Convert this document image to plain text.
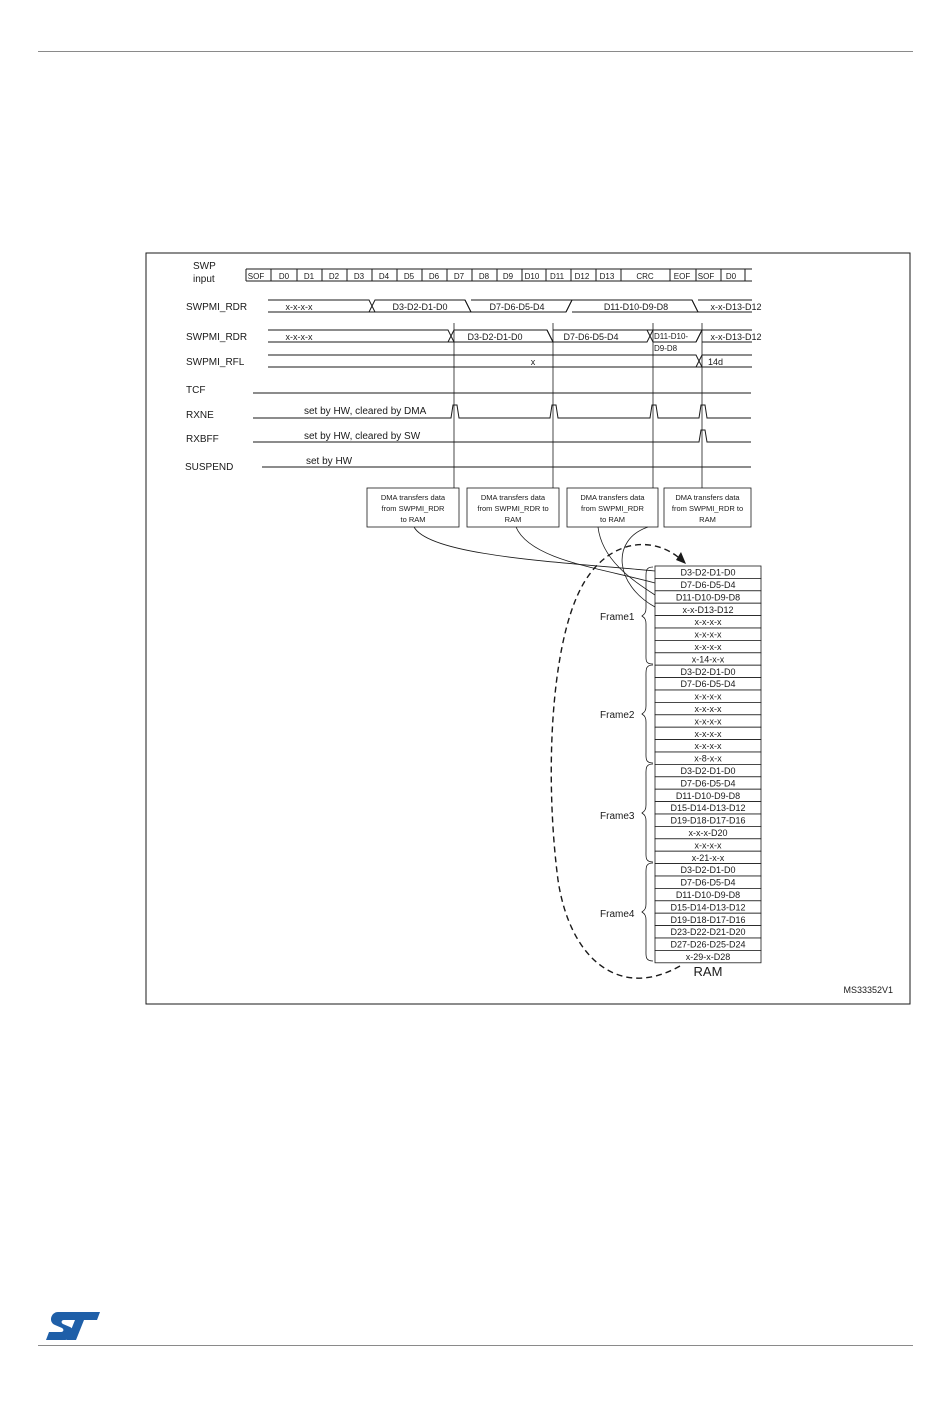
SWP
input
SWPMI_RDR
SWPMI_RDR
SWPMI_RFL
TCF
RXNE
RXBFF
SUSPEND
SOF D0 D1 D2 D3 D4 D5 D6 D7 D8 D9 D10 D11 D12 D13	CRC	EOF SOF D0
x-x-x-x	D3-D2-D1-D0	D7-D6-D5-D4	D11-D10-D9-D8	x-x-D13-D12
x-x-x-x	D3-D2-D1-D0	D7-D6-D5-D4	D11-D10-
D9-D8
x-x-D13-D12
x	14d
set by HW, cleared by DMA
set by HW, cleared by SW
set by HW
DMA transfers data
from SWPMI_RDR
to RAM
DMA transfers data
from SWPMI_RDR to
RAM
DMA transfers data
from SWPMI_RDR
to RAM
DMA transfers data
from SWPMI_RDR to
RAM
D3-D2-D1-D0
D7-D6-D5-D4
D11-D10-D9-D8
x-x-D13-D12
x-x-x-x
x-x-x-x
x-x-x-x
x-14-x-x
D3-D2-D1-D0
D7-D6-D5-D4
x-x-x-x
x-x-x-x
x-x-x-x
x-x-x-x
x-x-x-x
x-8-x-x
D3-D2-D1-D0
D7-D6-D5-D4
D11-D10-D9-D8
D15-D14-D13-D12
D19-D18-D17-D16
x-x-x-D20
x-x-x-x
x-21-x-x
D3-D2-D1-D0
D7-D6-D5-D4
D11-D10-D9-D8
D15-D14-D13-D12
D19-D18-D17-D16
D23-D22-D21-D20
D27-D26-D25-D24
x-29-x-D28
Frame1
Frame2
Frame3
Frame4
RAM
MS33352V1
